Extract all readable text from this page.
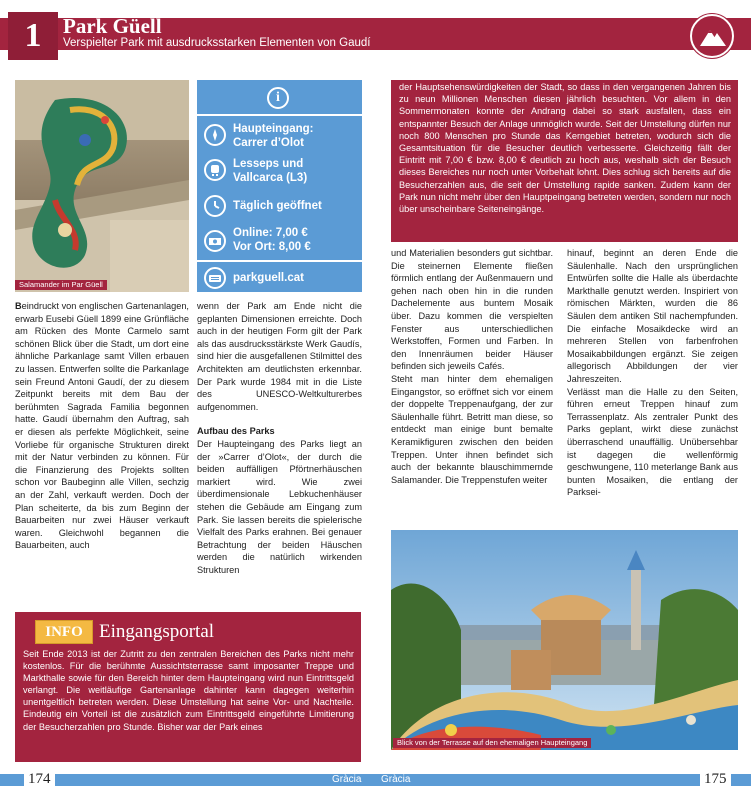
1	Park Güell
Verspielter Park mit ausdrucksstarken Elementen von Gaudí
Salamander im Par Güell
i
Haupteingang:
Carrer d’Olot
Lesseps und
Vallcarca (L3)
Täglich geöffnet
Online: 7,00 €
Vor Ort: 8,00 €
parkguell.cat

der Hauptsehenswürdigkeiten der Stadt, so dass in den vergangenen Jahren bis zu neun Millionen Menschen diesen jährlich besuchten. Vor allem in den Sommermonaten konnte der Andrang dabei so stark ausfallen, dass ein entspannter Besuch der Anlage unmöglich wurde. Seit der Umstellung dürfen nur noch 800 Menschen pro Stunde das Kerngebiet betreten, wodurch sich die Gesamtsituation für die Besucher deutlich verbesserte. Gleichzeitig fällt der Eintritt mit 7,00 € bzw. 8,00 € deutlich zu hoch aus, weshalb sich der Besuch dieses Bereiches nur noch unter Vorbehalt lohnt. Dies schlug sich bereits auf die Besucherzahlen aus, die seit der Umstellung rapide sanken. Zudem kann der Park nun nicht mehr über den Hauptpeingang betreten werden, sondern nur noch über unscheinbare Seiteneingänge.

Beindruckt von englischen Gartenanlagen, erwarb Eusebi Güell 1899 eine Grünfläche am Rücken des Monte Carmelo samt schönen Blick über die Stadt, um dort eine ähnliche Parkanlage samt Villen erbauen zu lassen. Entwerfen sollte die Parkanlage sein Freund Antoni Gaudí, der zu diesem Zeitpunkt bereits mit dem Bau der berühmten Sagrada Familia begonnen hatte. Gaudí übernahm den Auftrag, sah er diesen als perfekte Möglichkeit, seine Vorliebe für organische Strukturen direkt mit der Natur verbinden zu können. Für die Finanzierung des Projekts sollten schon vor Baubeginn alle Villen, sechzig an der Zahl, verkauft werden. Doch der Plan scheiterte, da bis zum Beginn der Bauarbeiten nur zwei Häuser verkauft waren. Gleichwohl begannen die Bauarbeiten, auch

wenn der Park am Ende nicht die geplanten Dimensionen erreichte. Doch auch in der heutigen Form gilt der Park als das ausdrucksstärkste Werk Gaudís, sind hier die ausgefallenen Stilmittel des Architekten am deutlichsten erkennbar. Der Park wurde 1984 mit in die Liste des UNESCO-Weltkulturerbes aufgenommen.

Aufbau des Parks

Der Haupteingang des Parks liegt an der »Carrer d’Olot«, der durch die beiden auffälligen Pförtnerhäuschen markiert wird. Wie zwei überdimensionale Lebkuchenhäuser stehen die Gebäude am Eingang zum Park. Sie lassen bereits die spielerische Vielfalt des Parks erahnen. Bei genauer Betrachtung der beiden Häuschen werden die natürlich wirkenden Strukturen

und Materialien besonders gut sichtbar. Die steinernen Elemente fließen förmlich entlang der Außenmauern und gehen nach oben hin in die runden Dachelemente aus buntem Mosaik über. Dazu kommen die verspielten Fenster aus unterschiedlichen Werkstoffen, Formen und Farben. In den Innenräumen beider Häuser befinden sich jeweils Cafés.

Steht man hinter dem ehemaligen Eingangstor, so eröffnet sich vor einem der doppelte Treppenaufgang, der zur Säulenhalle führt. Betritt man diese, so entdeckt man einige bunt bemalte Keramikfiguren zwischen den beiden Treppen. Unter ihnen befindet sich auch der bekannte blauschimmernde Salamander. Die Treppenstufen weiter

hinauf, beginnt an deren Ende die Säulenhalle. Nach den ursprünglichen Entwürfen sollte die Halle als überdachte Markthalle genutzt werden. Inspiriert von römischen Märkten, wurden die 86 Säulen dem antiken Stil nachempfunden. Die einfache Mosaikdecke wird an mehreren Stellen von farbenfrohen Mosaikabbildungen ergänzt. Sie zeigen allegorisch Abbildungen der vier Jahreszeiten.

Verlässt man die Halle zu den Seiten, führen erneut Treppen hinauf zum Terrassenplatz. Als zentraler Punkt des Parks geplant, wirkt diese zunächst überraschend unauffällig. Unübersehbar ist dagegen die wellenförmig geschwungene, 110 meterlange Bank aus bunten Mosaiken, die entlang der Parksei-

Blick von der Terrasse auf den ehemaligen Haupteingang
INFO Eingangsportal
Seit Ende 2013 ist der Zutritt zu den zentralen Bereichen des Parks nicht mehr kostenlos. Für die berühmte Aussichtsterrasse samt imposanter Treppe und Markthalle sowie für den Bereich hinter dem Haupteingang wird nun Eintrittsgeld verlangt. Die weitläufige Gartenanlage dahinter kann dagegen weiterhin unentgeltlich betreten werden. Diese Umstellung hat seine Vor- und Nachteile. Eindeutig ein Vorteil ist die zusätzlich zum Eintrittsgeld eingeführte Limitierung der Besucherzahlen pro Stunde. Bisher war der Park eines
174	Gràcia Gràcia	175
